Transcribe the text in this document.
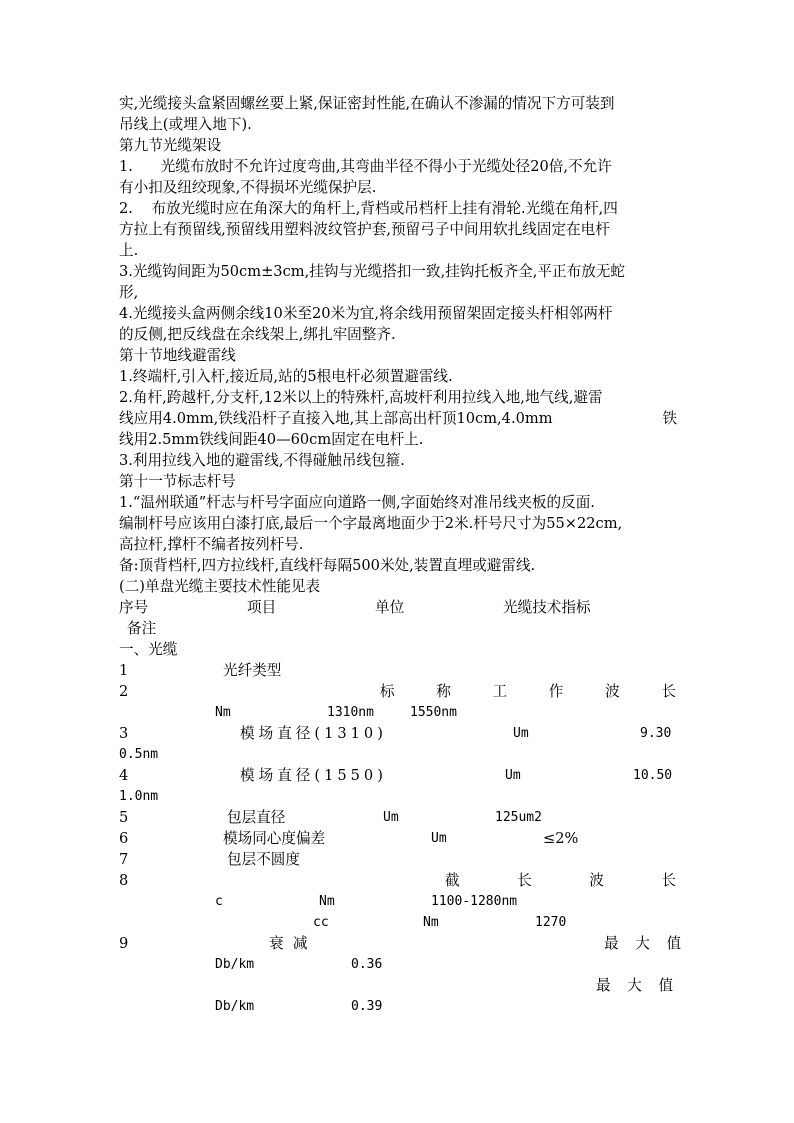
实,光缆接头盒紧固螺丝要上紧,保证密封性能,在确认不渗漏的情况下方可装到
吊线上(或埋入地下).
第九节光缆架设
1.      光缆布放时不允许过度弯曲,其弯曲半径不得小于光缆处径20倍,不允许
有小扣及纽绞现象,不得损坏光缆保护层.
2.    布放光缆时应在角深大的角杆上,背档或吊档杆上挂有滑轮.光缆在角杆,四
方拉上有预留线,预留线用塑料波纹管护套,预留弓子中间用软扎线固定在电杆
上.
3.光缆钩间距为50cm±3cm,挂钩与光缆搭扣一致,挂钩托板齐全,平正布放无蛇
形,
4.光缆接头盒两侧余线10米至20米为宜,将余线用预留架固定接头杆相邻两杆
的反侧,把反线盘在余线架上,绑扎牢固整齐.
第十节地线避雷线
1.终端杆,引入杆,接近局,站的5根电杆必须置避雷线.
2.角杆,跨越杆,分支杆,12米以上的特殊杆,高坡杆利用拉线入地,地气线,避雷
线应用4.0mm,铁线沿杆子直接入地,其上部高出杆顶10cm,4.0mm	铁
线用2.5mm铁线间距40—60cm固定在电杆上.
3.利用拉线入地的避雷线,不得碰触吊线包箍.
第十一节标志杆号
1.“温州联通”杆志与杆号字面应向道路一侧,字面始终对准吊线夹板的反面.
编制杆号应该用白漆打底,最后一个字最离地面少于2米.杆号尺寸为55×22cm,
高拉杆,撑杆不编者按列杆号.
备:顶背档杆,四方拉线杆,直线杆每隔500米处,装置直埋或避雷线.
(二)单盘光缆主要技术性能见表
序号	项目	单位	光缆技术指标
备注
一、光缆
1	光纤类型
2	标	称	工	作	波	长
Nm	1310nm	1550nm
3	模场直径(1310)	Um	9.30
0.5nm
4	模场直径(1550)	Um	10.50
1.0nm
5	包层直径	Um	125um2
6	模场同心度偏差	Um	≤2%
7	包层不圆度
8	截	长	波	长
c	Nm	1100-1280nm
cc	Nm	1270
9	衰  减	最 大 值
Db/km	0.36
最 大 值
Db/km	0.39
